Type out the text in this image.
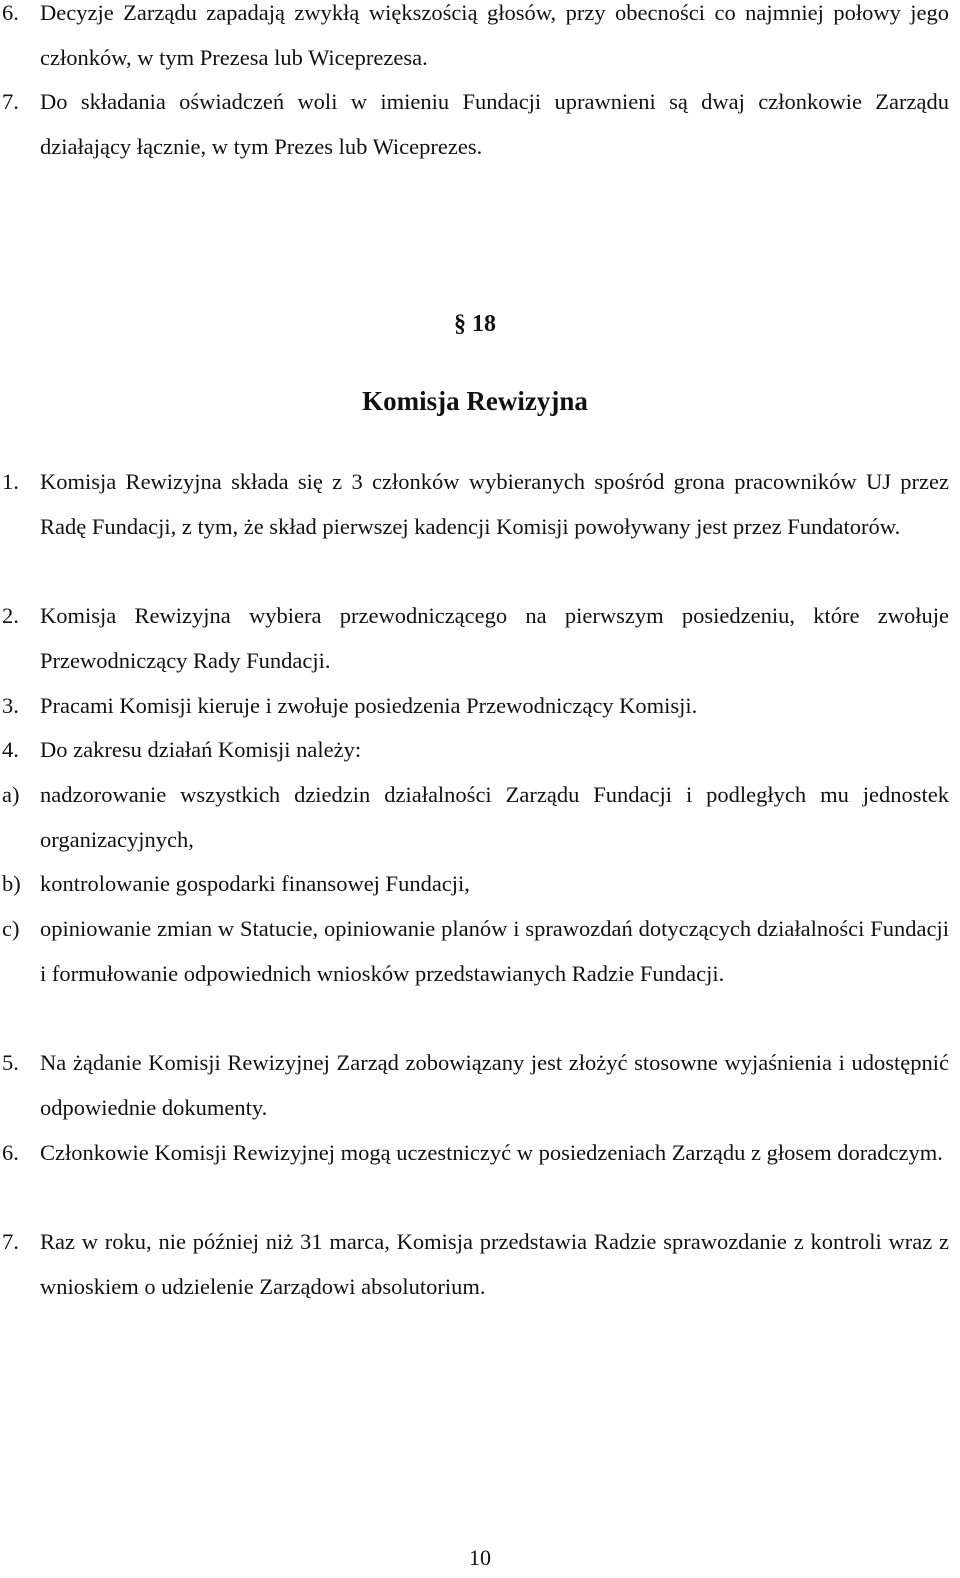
6. Decyzje Zarządu zapadają zwykłą większością głosów, przy obecności co najmniej połowy jego członków, w tym Prezesa lub Wiceprezesa.
7. Do składania oświadczeń woli w imieniu Fundacji uprawnieni są dwaj członkowie Zarządu działający łącznie, w tym Prezes lub Wiceprezes.
§ 18
Komisja Rewizyjna
1. Komisja Rewizyjna składa się z 3 członków wybieranych spośród grona pracowników UJ przez Radę Fundacji, z tym, że skład pierwszej kadencji Komisji powoływany jest przez Fundatorów.
2. Komisja Rewizyjna wybiera przewodniczącego na pierwszym posiedzeniu, które zwołuje Przewodniczący Rady Fundacji.
3. Pracami Komisji kieruje i zwołuje posiedzenia Przewodniczący Komisji.
4. Do zakresu działań Komisji należy:
a) nadzorowanie wszystkich dziedzin działalności Zarządu Fundacji i podległych mu jednostek organizacyjnych,
b) kontrolowanie gospodarki finansowej Fundacji,
c) opiniowanie zmian w Statucie, opiniowanie planów i sprawozdań dotyczących działalności Fundacji i formułowanie odpowiednich wniosków przedstawianych Radzie Fundacji.
5. Na żądanie Komisji Rewizyjnej Zarząd zobowiązany jest złożyć stosowne wyjaśnienia i udostępnić odpowiednie dokumenty.
6. Członkowie Komisji Rewizyjnej mogą uczestniczyć w posiedzeniach Zarządu z głosem doradczym.
7. Raz w roku, nie później niż 31 marca, Komisja przedstawia Radzie sprawozdanie z kontroli wraz z wnioskiem o udzielenie Zarządowi absolutorium.
10
